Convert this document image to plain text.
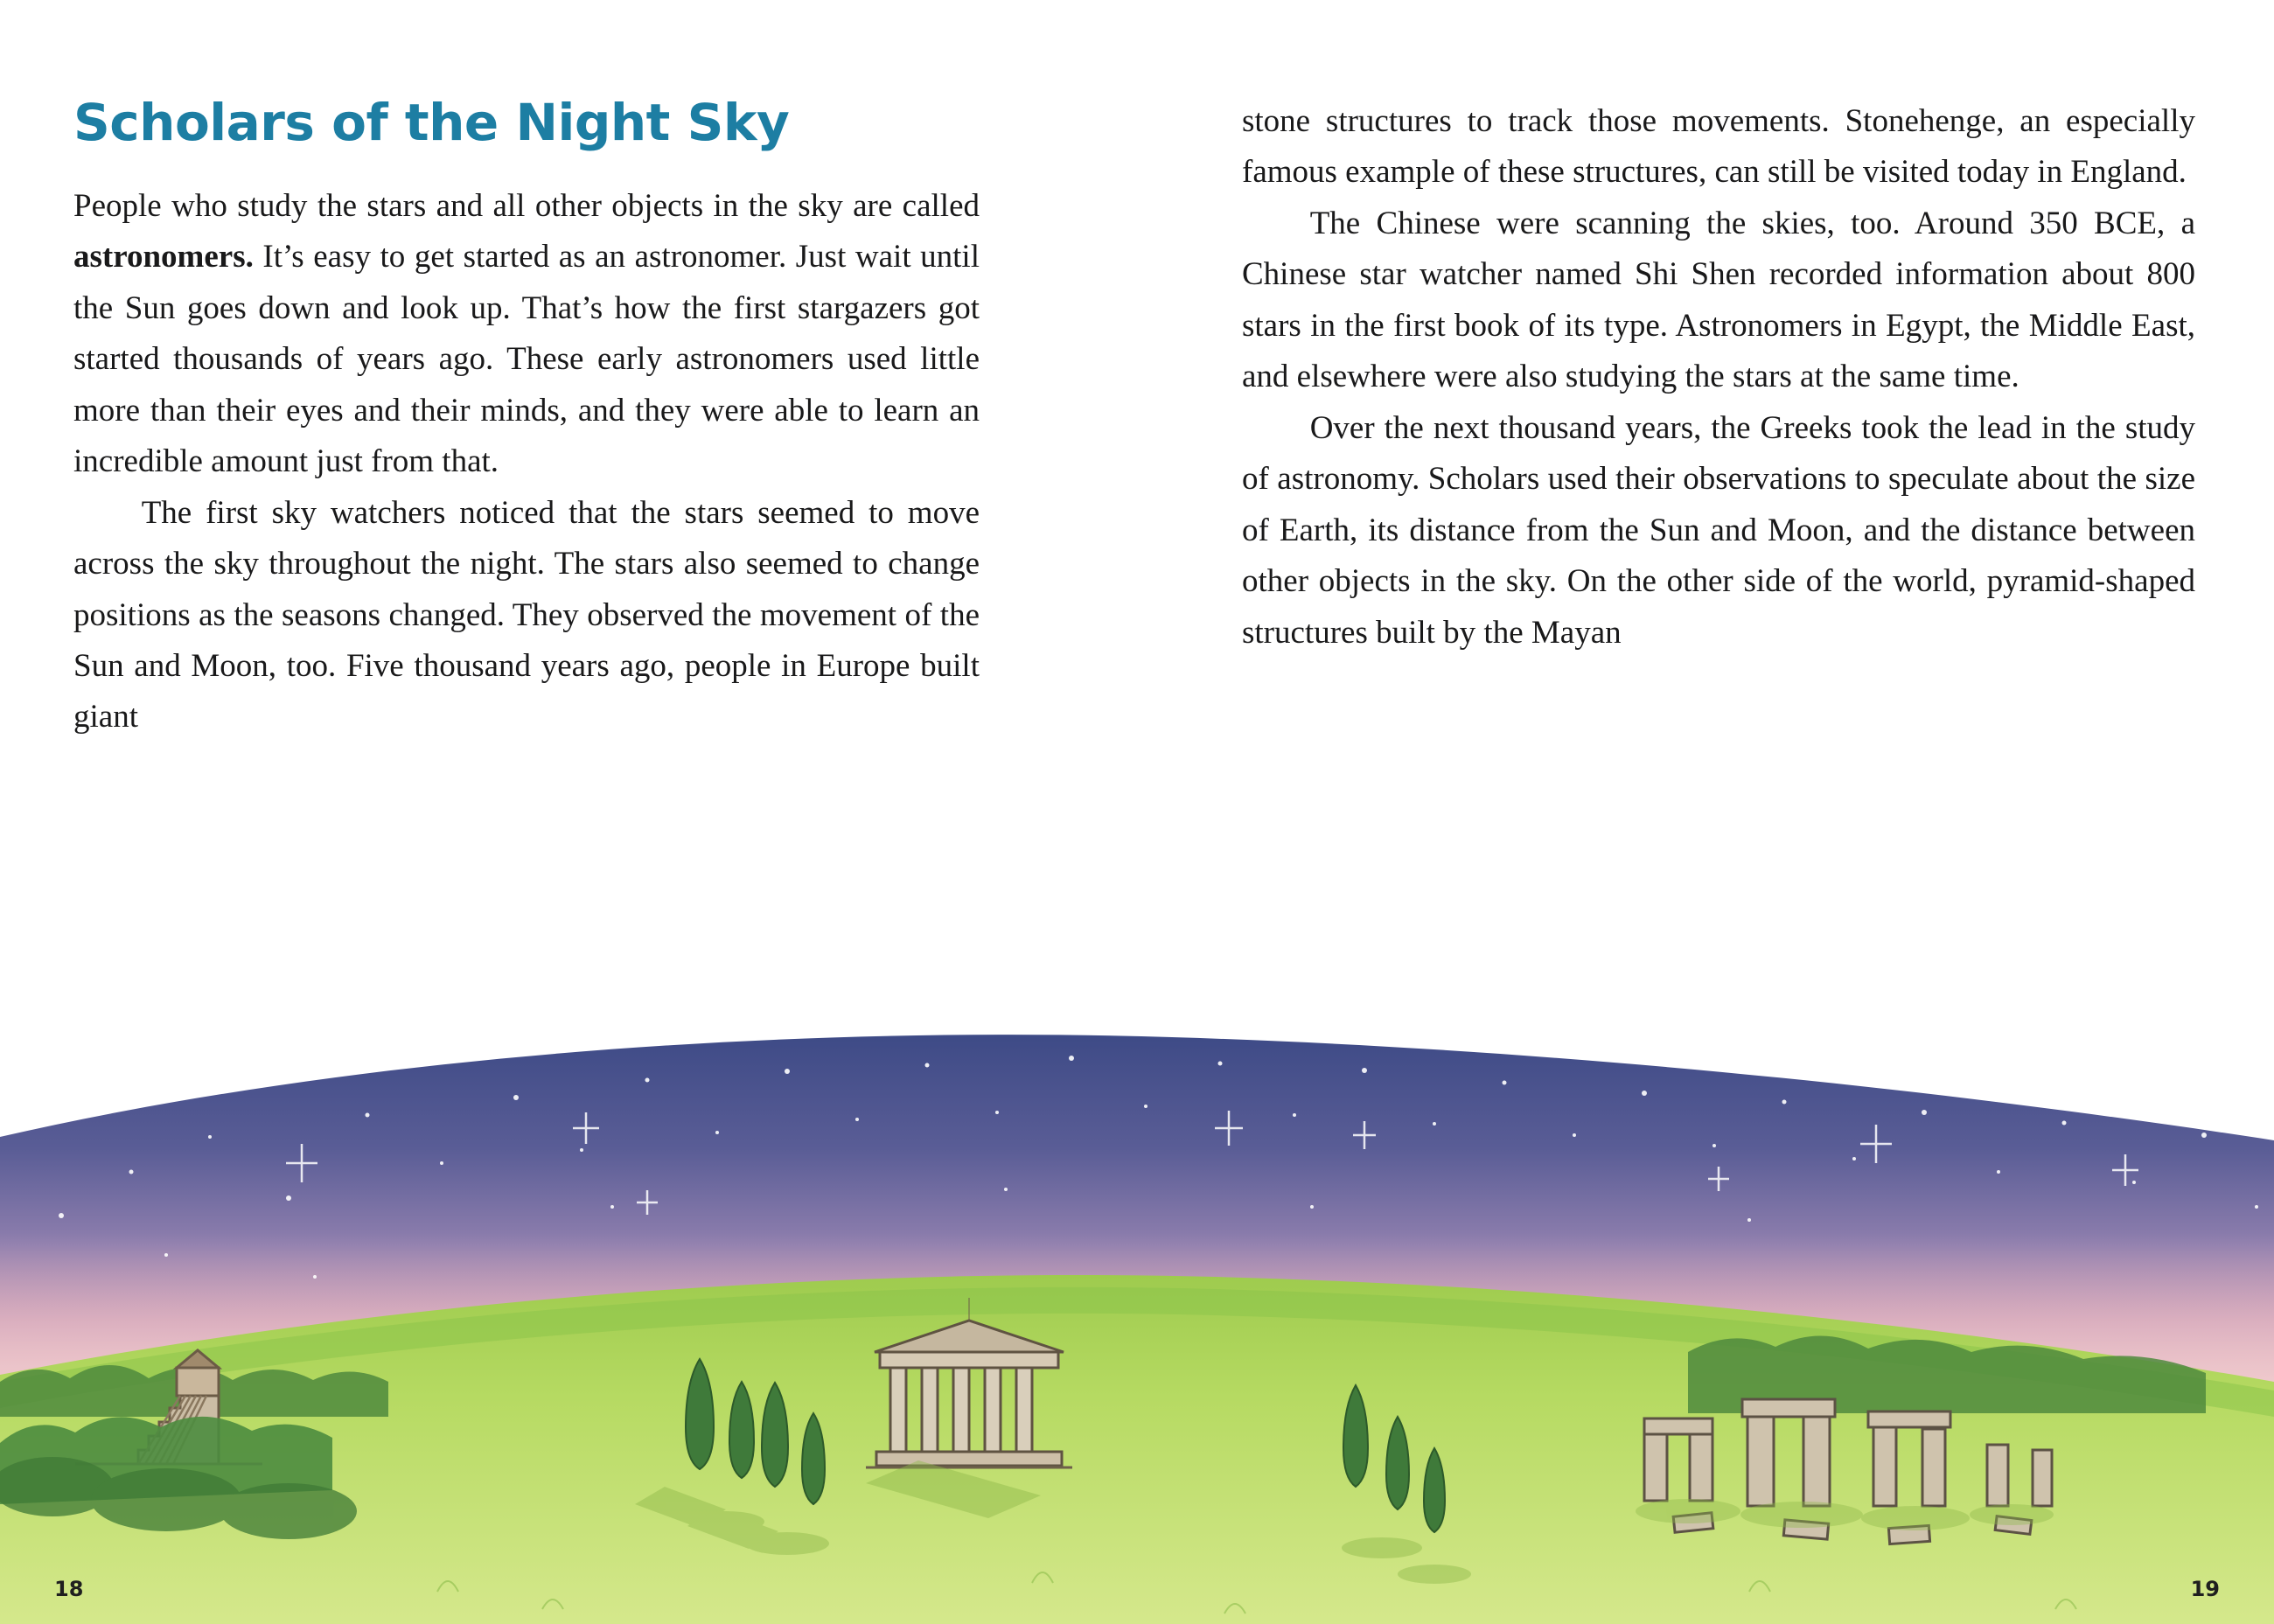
Scholars of the Night Sky

People who study the stars and all other objects in the sky are called astronomers. It’s easy to get started as an astronomer. Just wait until the Sun goes down and look up. That’s how the first stargazers got started thousands of years ago. These early astronomers used little more than their eyes and their minds, and they were able to learn an incredible amount just from that.

The first sky watchers noticed that the stars seemed to move across the sky throughout the night. The stars also seemed to change positions as the seasons changed. They observed the movement of the Sun and Moon, too. Five thousand years ago, people in Europe built giant

stone structures to track those movements. Stonehenge, an especially famous example of these structures, can still be visited today in England.

The Chinese were scanning the skies, too. Around 350 BCE, a Chinese star watcher named Shi Shen recorded information about 800 stars in the first book of its type. Astronomers in Egypt, the Middle East, and elsewhere were also studying the stars at the same time.

Over the next thousand years, the Greeks took the lead in the study of astronomy. Scholars used their observations to speculate about the size of Earth, its distance from the Sun and Moon, and the distance between other objects in the sky. On the other side of the world, pyramid-shaped structures built by the Mayan

18	19
